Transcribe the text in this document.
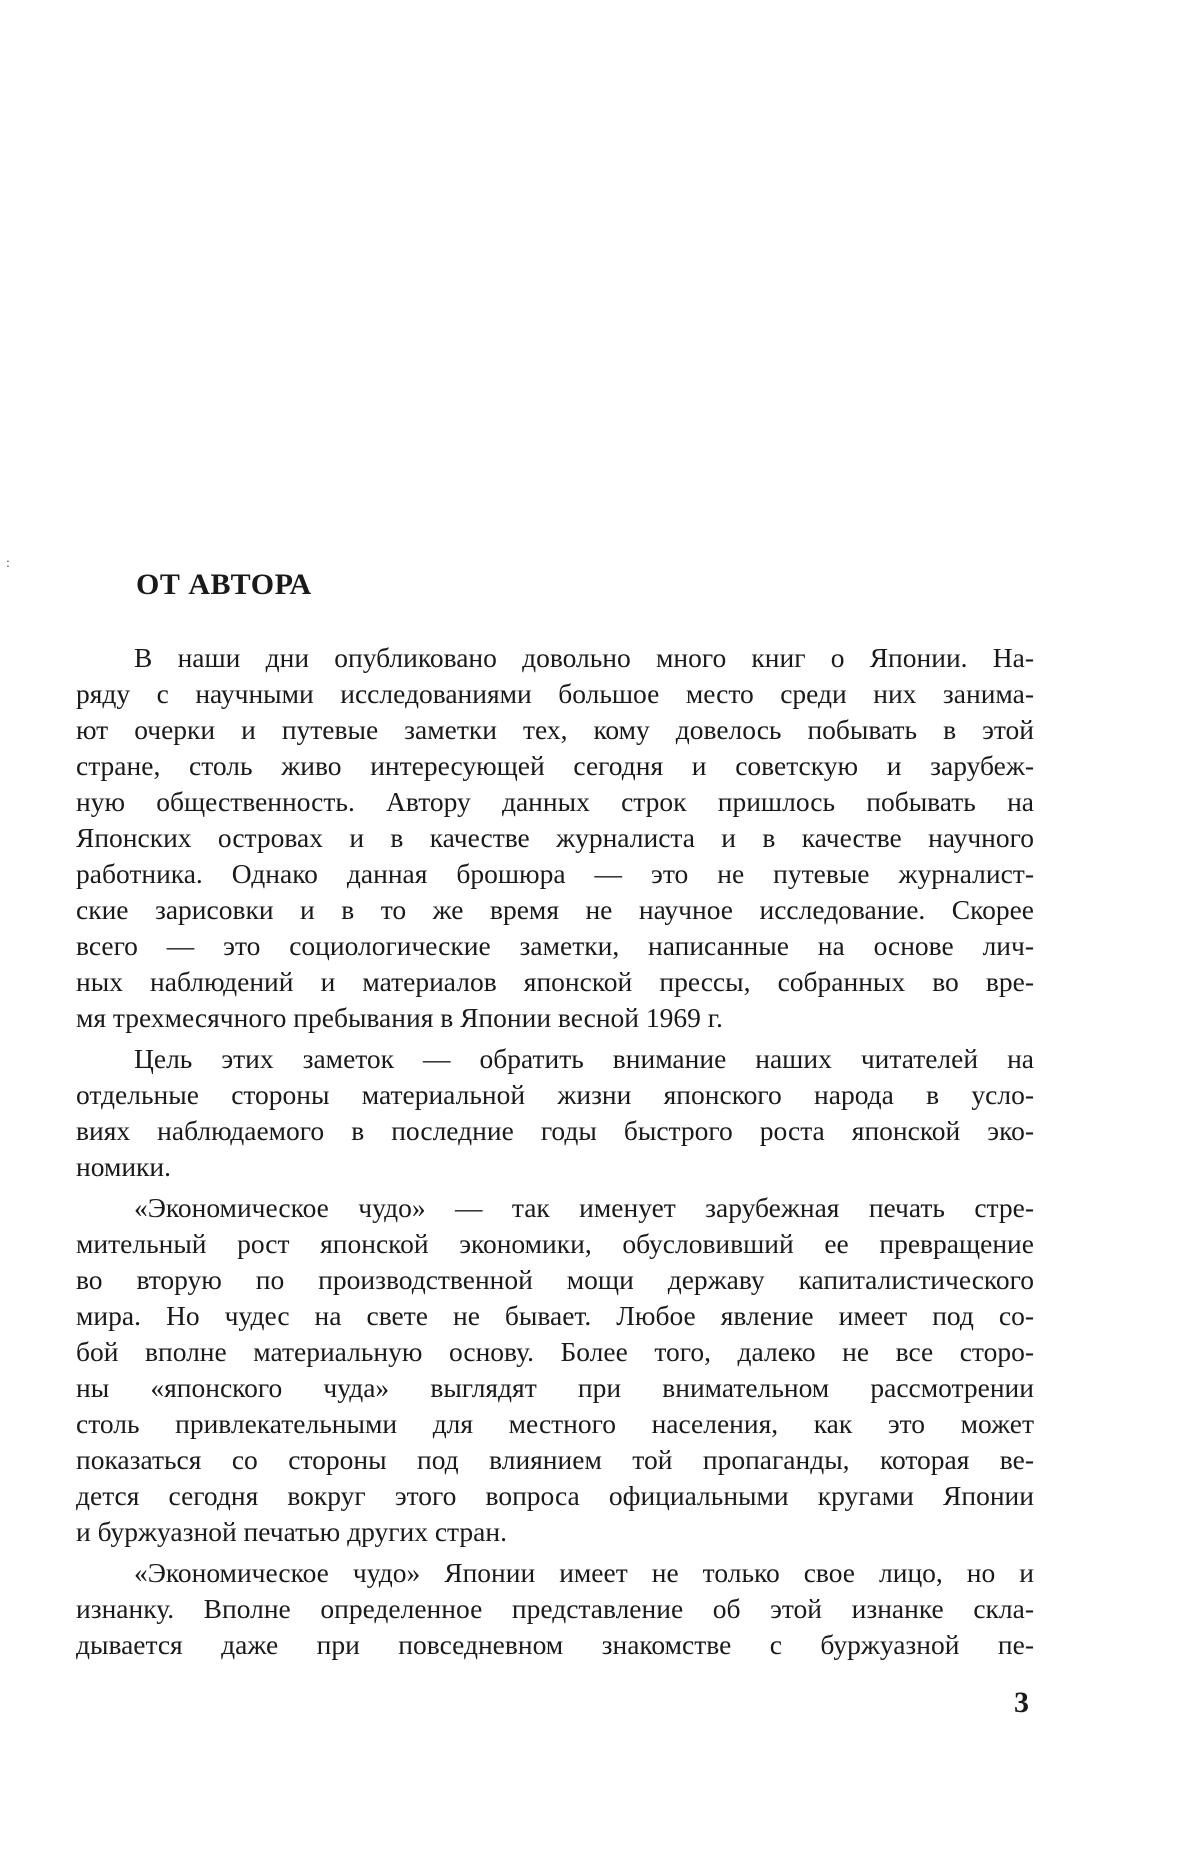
:
ОТ АВТОРА
В наши дни опубликовано довольно много книг о Японии. На-
ряду с научными исследованиями большое место среди них занима-
ют очерки и путевые заметки тех, кому довелось побывать в этой
стране, столь живо интересующей сегодня и советскую и зарубеж-
ную общественность. Автору данных строк пришлось побывать на
Японских островах и в качестве журналиста и в качестве научного
работника. Однако данная брошюра — это не путевые журналист-
ские зарисовки и в то же время не научное исследование. Скорее
всего — это социологические заметки, написанные на основе лич-
ных наблюдений и материалов японской прессы, собранных во вре-
мя трехмесячного пребывания в Японии весной 1969 г.
Цель этих заметок — обратить внимание наших читателей на
отдельные стороны материальной жизни японского народа в усло-
виях наблюдаемого в последние годы быстрого роста японской эко-
номики.
«Экономическое чудо» — так именует зарубежная печать стре-
мительный рост японской экономики, обусловивший ее превращение
во вторую по производственной мощи державу капиталистического
мира. Но чудес на свете не бывает. Любое явление имеет под со-
бой вполне материальную основу. Более того, далеко не все сторо-
ны «японского чуда» выглядят при внимательном рассмотрении
столь привлекательными для местного населения, как это может
показаться со стороны под влиянием той пропаганды, которая ве-
дется сегодня вокруг этого вопроса официальными кругами Японии
и буржуазной печатью других стран.
«Экономическое чудо» Японии имеет не только свое лицо, но и
изнанку. Вполне определенное представление об этой изнанке скла-
дывается даже при повседневном знакомстве с буржуазной пе-

3
